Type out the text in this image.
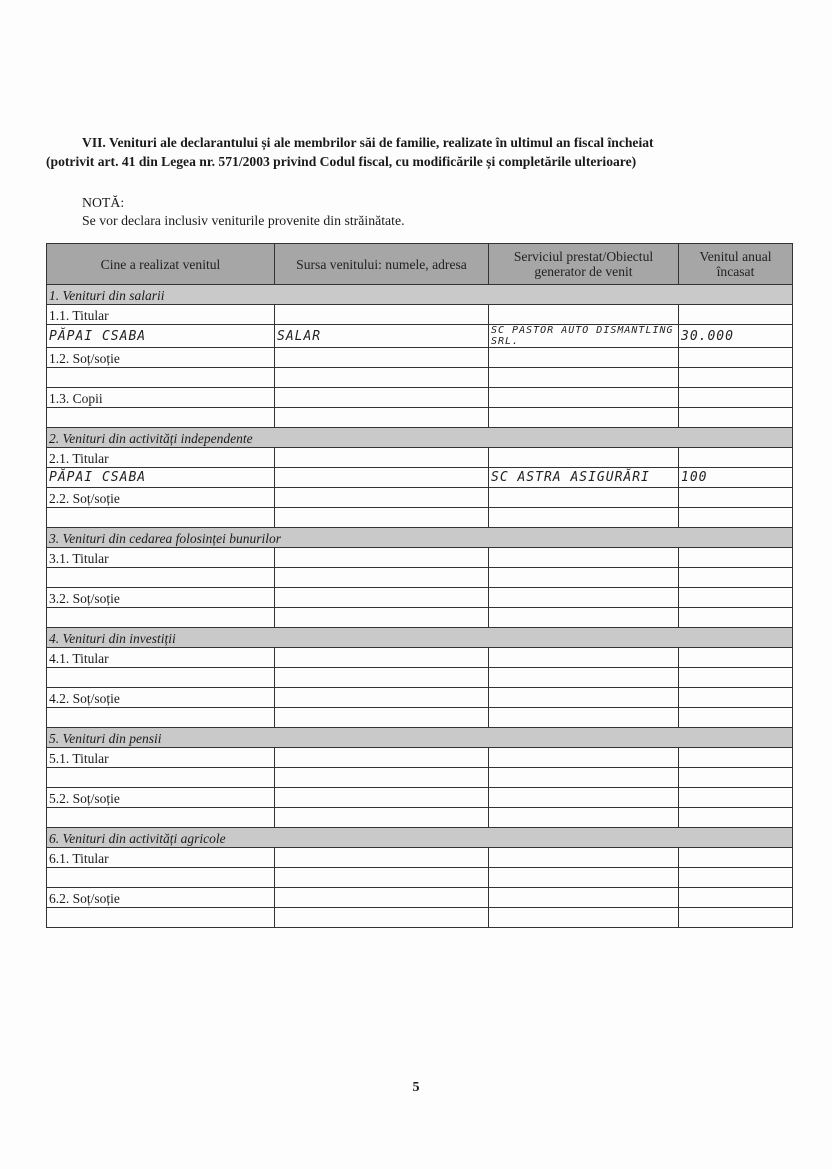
VII. Venituri ale declarantului și ale membrilor săi de familie, realizate în ultimul an fiscal încheiat
(potrivit art. 41 din Legea nr. 571/2003 privind Codul fiscal, cu modificările și completările ulterioare)
NOTĂ:
Se vor declara inclusiv veniturile provenite din străinătate.
Cine a realizat venitul	Sursa venitului: numele, adresa	Serviciul prestat/Obiectul generator de venit	Venitul anual încasat
1. Venituri din salarii			
1.1. Titular			
PĂPAI CSABA	SALAR	SC PASTOR AUTO DISMANTLING SRL.	30.000
1.2. Soț/soție			

1.3. Copii			

2. Venituri din activități independente			
2.1. Titular			
PĂPAI CSABA		SC ASTRA ASIGURĂRI	100
2.2. Soț/soție			

3. Venituri din cedarea folosinței bunurilor			
3.1. Titular			

3.2. Soț/soție			

4. Venituri din investiții			
4.1. Titular			

4.2. Soț/soție			

5. Venituri din pensii			
5.1. Titular			

5.2. Soț/soție			

6. Venituri din activități agricole			
6.1. Titular			

6.2. Soț/soție			

5
